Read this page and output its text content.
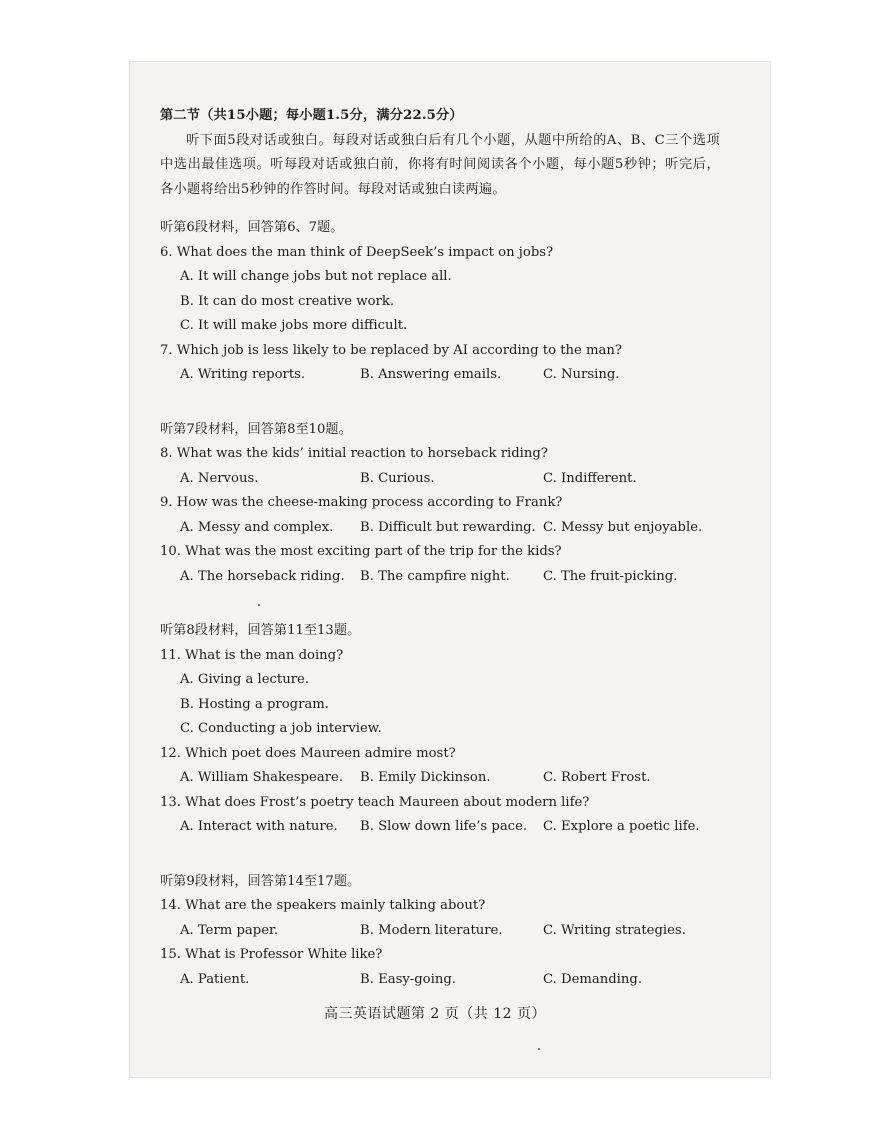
第二节（共15小题；每小题1.5分，满分22.5分）
听下面5段对话或独白。每段对话或独白后有几个小题，从题中所给的A、B、C三个选项中选出最佳选项。听每段对话或独白前，你将有时间阅读各个小题，每小题5秒钟；听完后，各小题将给出5秒钟的作答时间。每段对话或独白读两遍。
听第6段材料，回答第6、7题。
6. What does the man think of DeepSeek’s impact on jobs?
A. It will change jobs but not replace all.
B. It can do most creative work.
C. It will make jobs more difficult.
7. Which job is less likely to be replaced by AI according to the man?
A. Writing reports.	B. Answering emails.	C. Nursing.
听第7段材料，回答第8至10题。
8. What was the kids’ initial reaction to horseback riding?
A. Nervous.	B. Curious.	C. Indifferent.
9. How was the cheese-making process according to Frank?
A. Messy and complex.	B. Difficult but rewarding. C. Messy but enjoyable.
10. What was the most exciting part of the trip for the kids?
A. The horseback riding.	B. The campfire night.	C. The fruit-picking.
听第8段材料，回答第11至13题。
11. What is the man doing?
A. Giving a lecture.
B. Hosting a program.
C. Conducting a job interview.
12. Which poet does Maureen admire most?
A. William Shakespeare.	B. Emily Dickinson.	C. Robert Frost.
13. What does Frost’s poetry teach Maureen about modern life?
A. Interact with nature.	B. Slow down life’s pace.	C. Explore a poetic life.
听第9段材料，回答第14至17题。
14. What are the speakers mainly talking about?
A. Term paper.	B. Modern literature.	C. Writing strategies.
15. What is Professor White like?
A. Patient.	B. Easy-going.	C. Demanding.
高三英语试题第 2 页（共 12 页）
